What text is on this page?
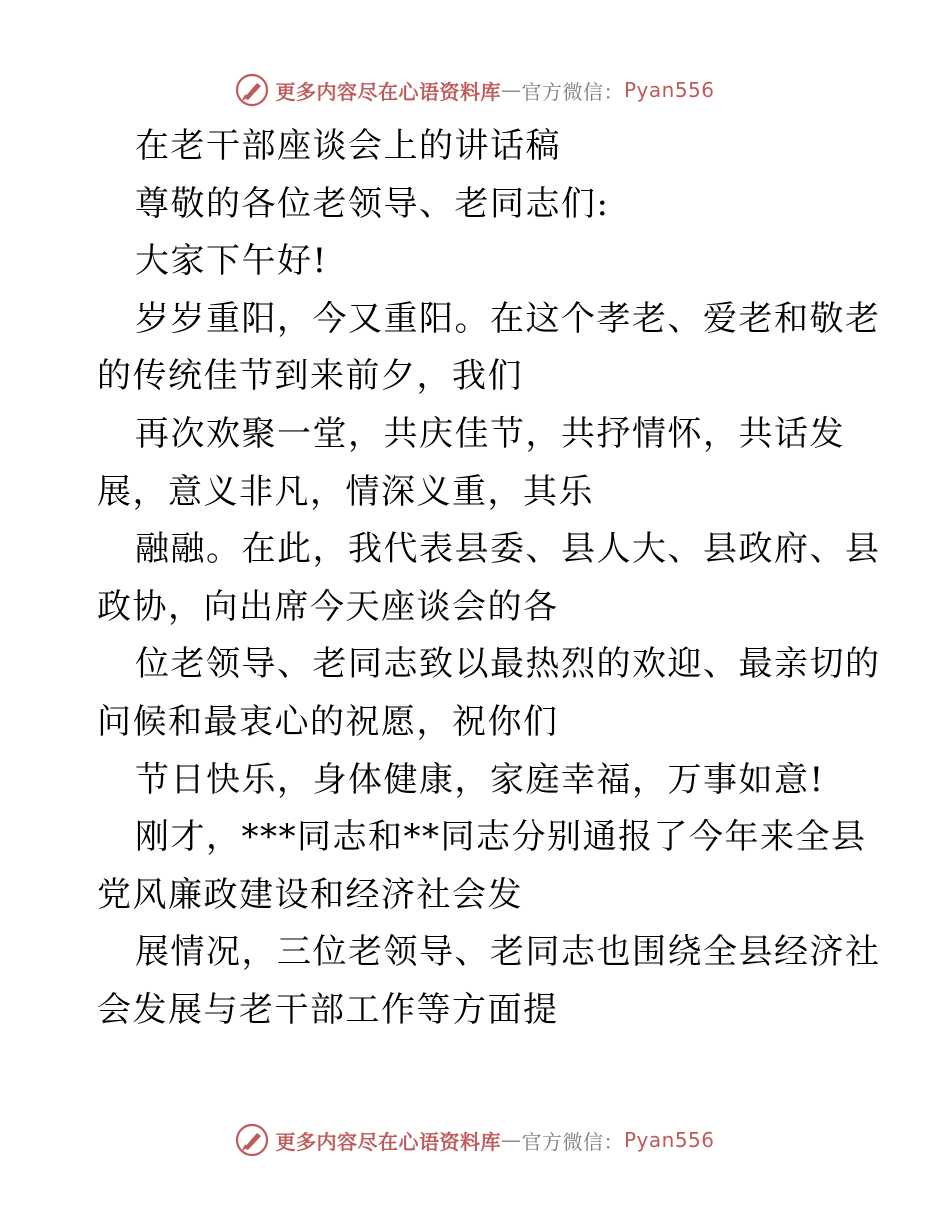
更多内容尽在心语资料库 — 官方微信： Pyan556

在老干部座谈会上的讲话稿

尊敬的各位老领导、老同志们:

大家下午好!

岁岁重阳，今又重阳。在这个孝老、爱老和敬老

的传统佳节到来前夕，我们

再次欢聚一堂，共庆佳节，共抒情怀，共话发

展，意义非凡，情深义重，其乐

融融。在此，我代表县委、县人大、县政府、县

政协，向出席今天座谈会的各

位老领导、老同志致以最热烈的欢迎、最亲切的

问候和最衷心的祝愿，祝你们

节日快乐，身体健康，家庭幸福，万事如意!

刚才，***同志和**同志分别通报了今年来全县

党风廉政建设和经济社会发

展情况，三位老领导、老同志也围绕全县经济社

会发展与老干部工作等方面提

更多内容尽在心语资料库 — 官方微信： Pyan556
